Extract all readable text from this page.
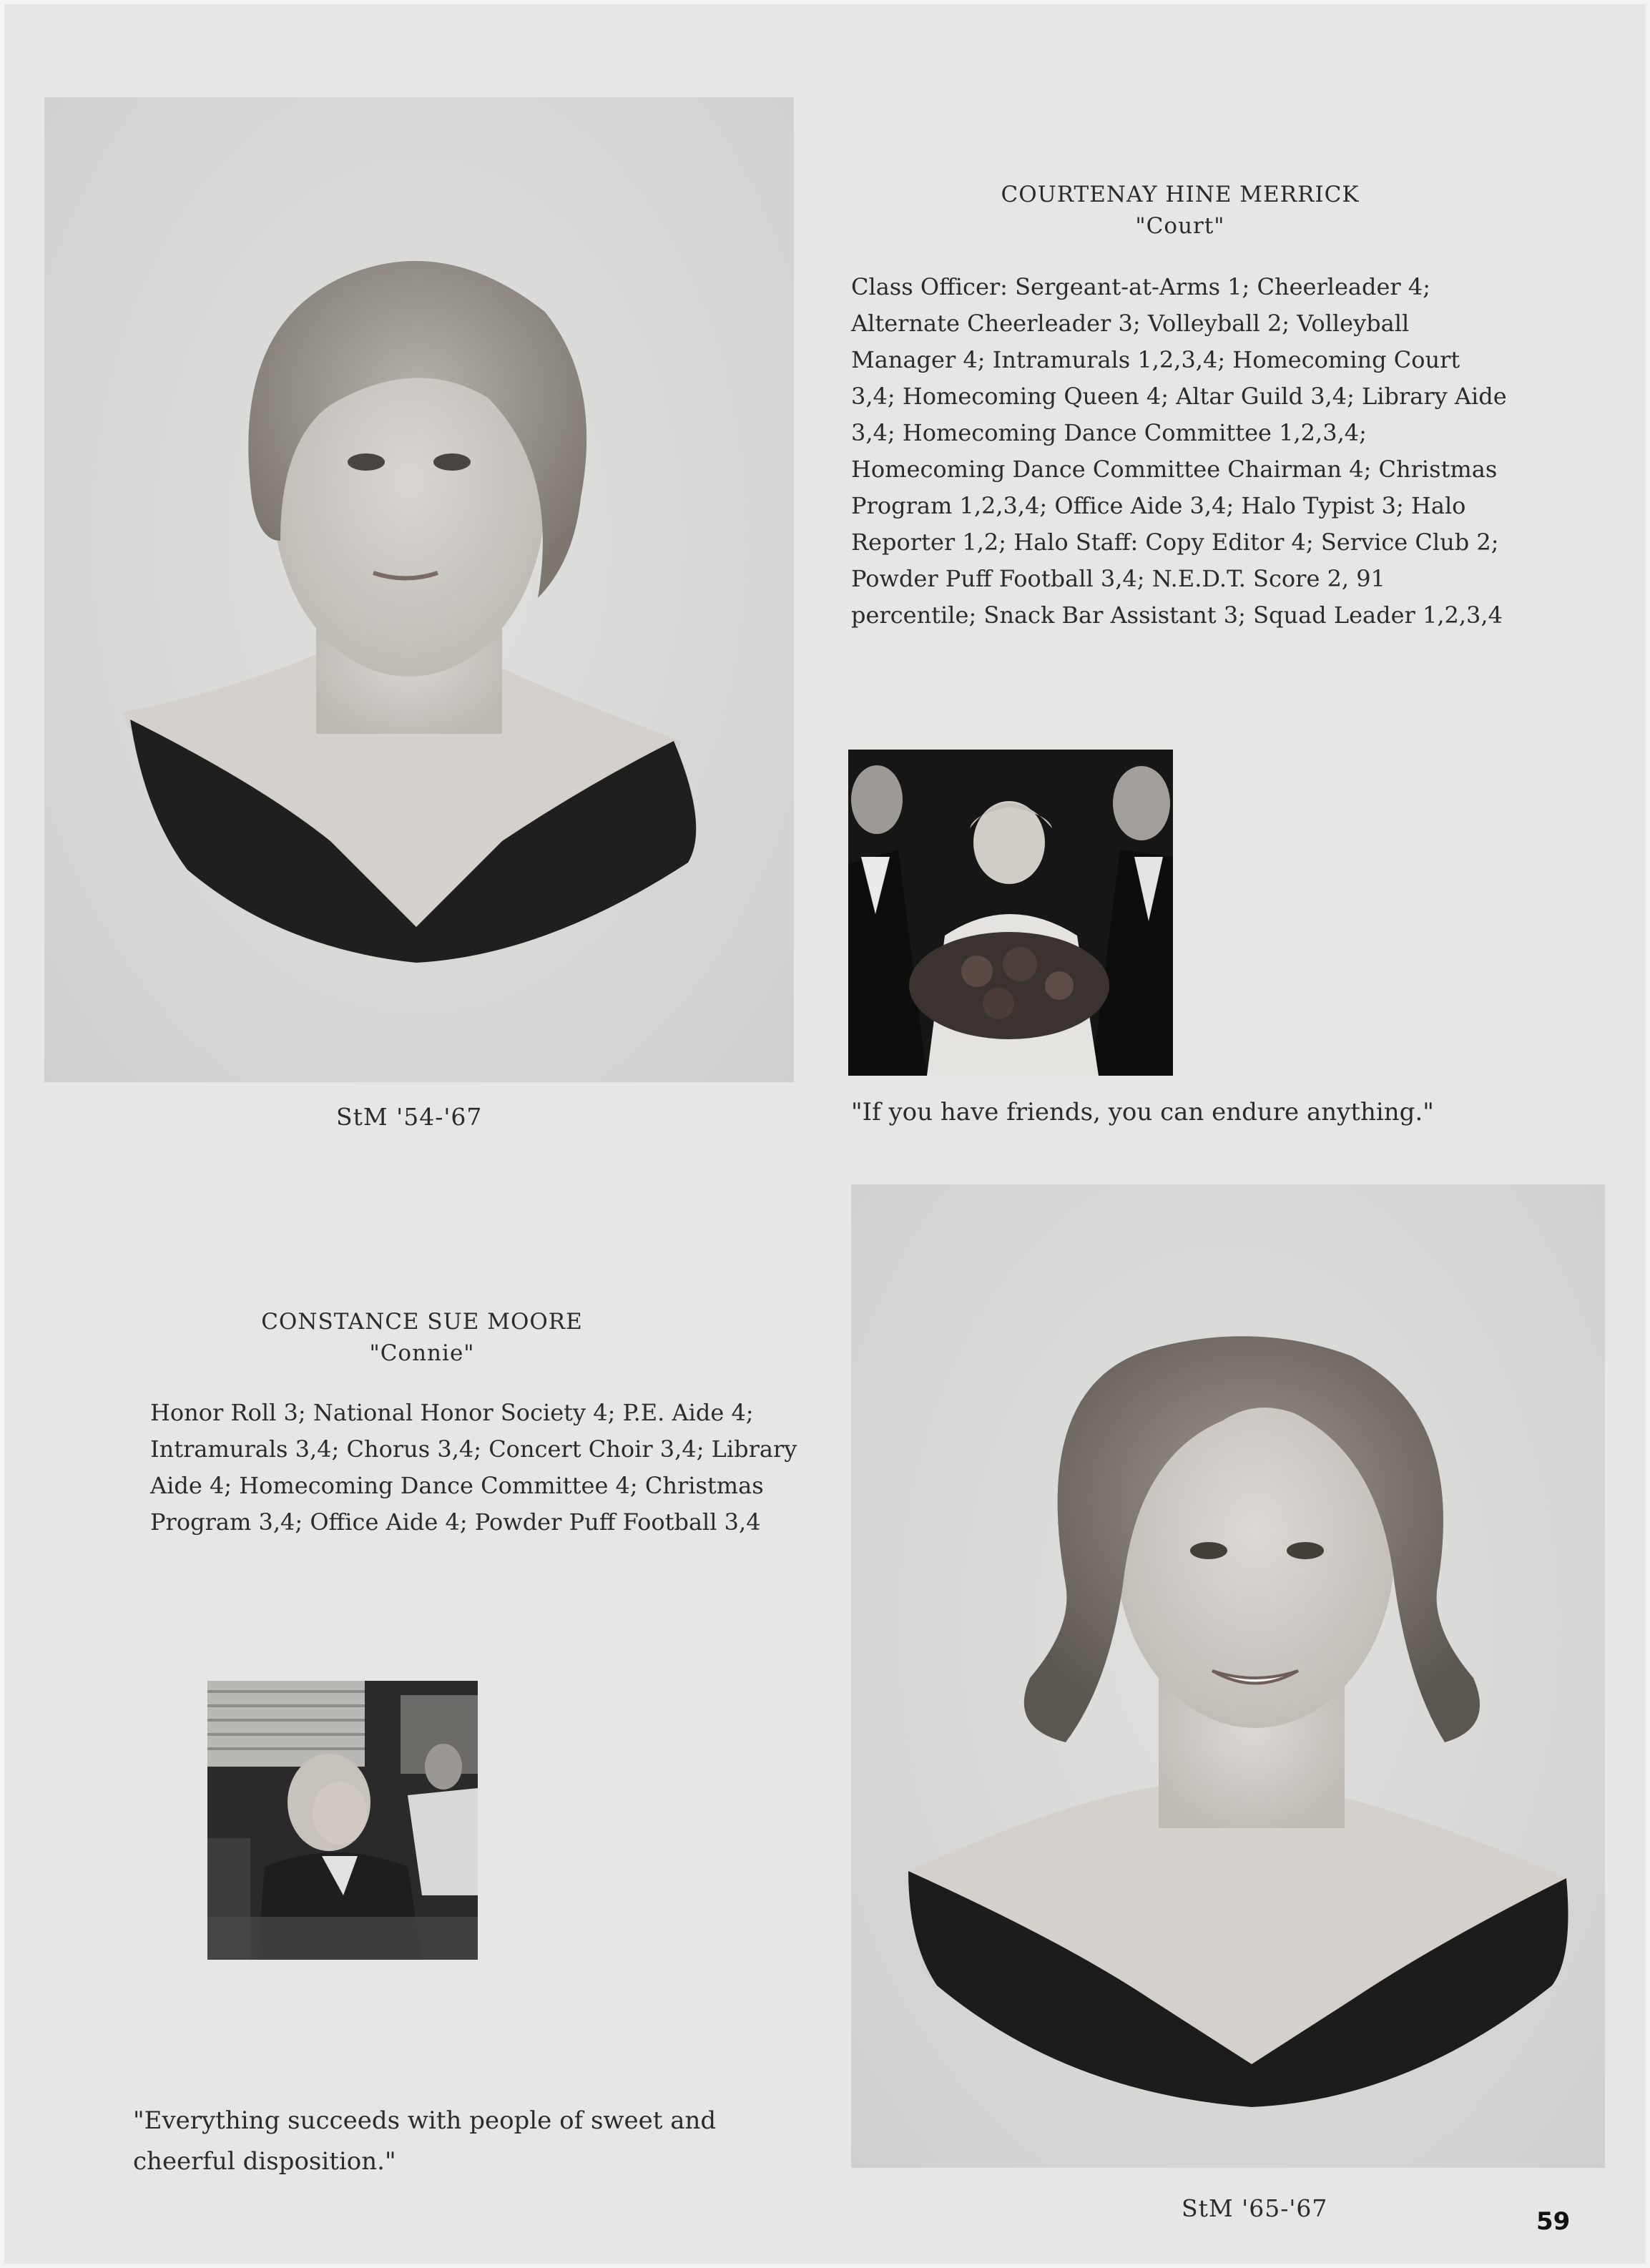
COURTENAY HINE MERRICK
"Court"
Class Officer: Sergeant-at-Arms 1; Cheerleader 4; Alternate Cheerleader 3; Volleyball 2; Volleyball Manager 4; Intramurals 1,2,3,4; Homecoming Court 3,4; Homecoming Queen 4; Altar Guild 3,4; Library Aide 3,4; Homecoming Dance Committee 1,2,3,4; Homecoming Dance Committee Chairman 4; Christmas Program 1,2,3,4; Office Aide 3,4; Halo Typist 3; Halo Reporter 1,2; Halo Staff: Copy Editor 4; Service Club 2; Powder Puff Football 3,4; N.E.D.T. Score 2, 91 percentile; Snack Bar Assistant 3; Squad Leader 1,2,3,4
StM '54-'67	"If you have friends, you can endure anything."
CONSTANCE SUE MOORE
"Connie"
Honor Roll 3; National Honor Society 4; P.E. Aide 4; Intramurals 3,4; Chorus 3,4; Concert Choir 3,4; Library Aide 4; Homecoming Dance Committee 4; Christmas Program 3,4; Office Aide 4; Powder Puff Football 3,4
"Everything succeeds with people of sweet and cheerful disposition."
StM '65-'67	59
